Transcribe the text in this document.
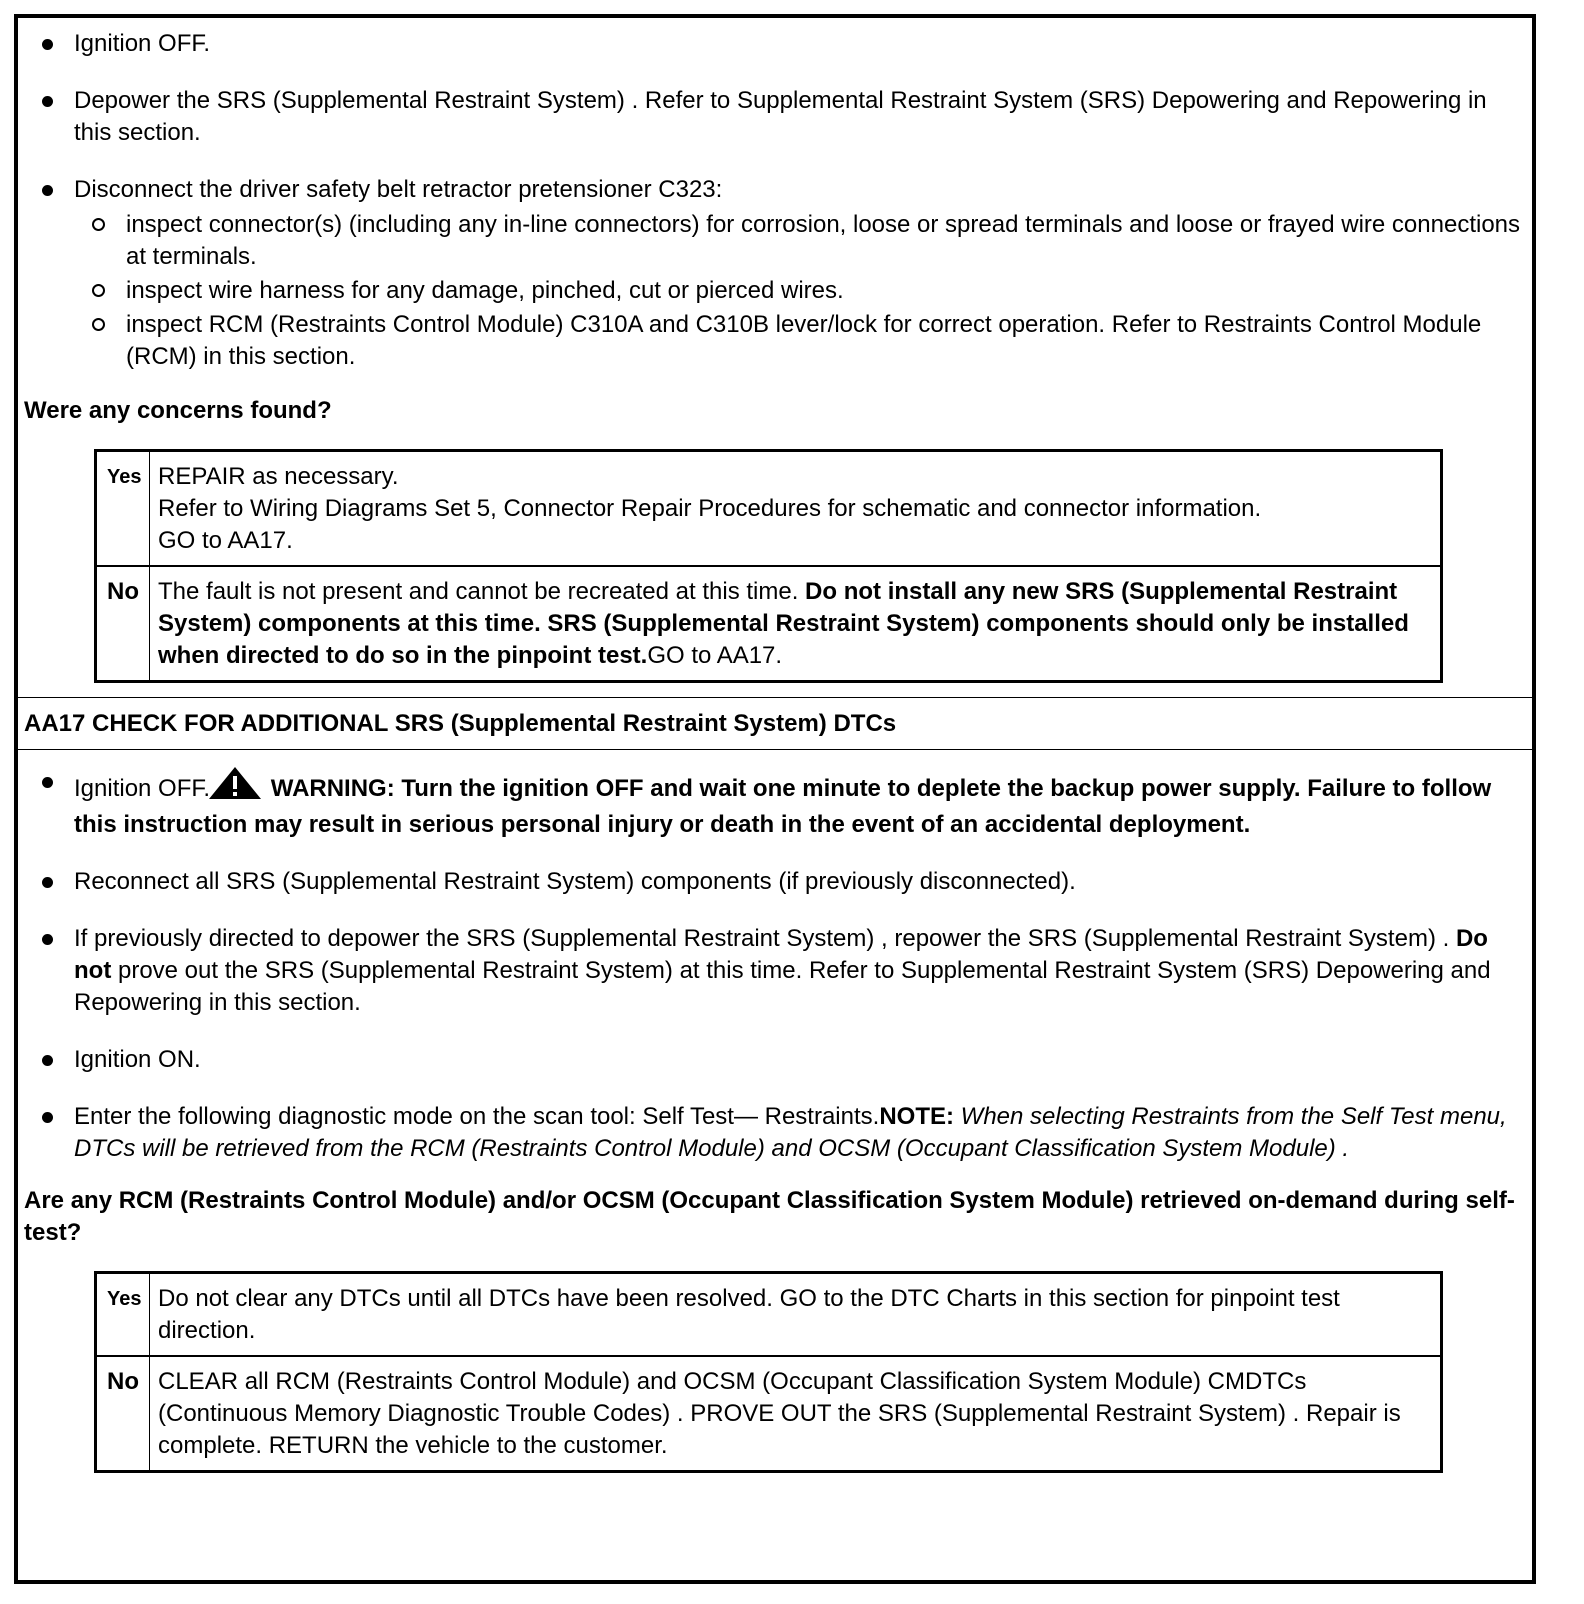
Ignition OFF.
Depower the SRS (Supplemental Restraint System) . Refer to Supplemental Restraint System (SRS) Depowering and Repowering in this section.
Disconnect the driver safety belt retractor pretensioner C323:
inspect connector(s) (including any in-line connectors) for corrosion, loose or spread terminals and loose or frayed wire connections at terminals.
inspect wire harness for any damage, pinched, cut or pierced wires.
inspect RCM (Restraints Control Module) C310A and C310B lever/lock for correct operation. Refer to Restraints Control Module (RCM) in this section.
Were any concerns found?
Yes	REPAIR as necessary.
Refer to Wiring Diagrams Set 5, Connector Repair Procedures for schematic and connector information.
GO to AA17.

No	The fault is not present and cannot be recreated at this time. Do not install any new SRS (Supplemental Restraint System) components at this time. SRS (Supplemental Restraint System) components should only be installed when directed to do so in the pinpoint test.GO to AA17.
AA17 CHECK FOR ADDITIONAL SRS (Supplemental Restraint System) DTCs
Ignition OFF.	WARNING: Turn the ignition OFF and wait one minute to deplete the backup power supply. Failure to follow this instruction may result in serious personal injury or death in the event of an accidental deployment.
Reconnect all SRS (Supplemental Restraint System) components (if previously disconnected).
If previously directed to depower the SRS (Supplemental Restraint System) , repower the SRS (Supplemental Restraint System) . Do not prove out the SRS (Supplemental Restraint System) at this time. Refer to Supplemental Restraint System (SRS) Depowering and Repowering in this section.
Ignition ON.
Enter the following diagnostic mode on the scan tool: Self Test— Restraints.NOTE: When selecting Restraints from the Self Test menu, DTCs will be retrieved from the RCM (Restraints Control Module) and OCSM (Occupant Classification System Module) .
Are any RCM (Restraints Control Module) and/or OCSM (Occupant Classification System Module) retrieved on-demand during self-test?
Yes	Do not clear any DTCs until all DTCs have been resolved. GO to the DTC Charts in this section for pinpoint test direction.
No	CLEAR all RCM (Restraints Control Module) and OCSM (Occupant Classification System Module) CMDTCs (Continuous Memory Diagnostic Trouble Codes) . PROVE OUT the SRS (Supplemental Restraint System) . Repair is complete. RETURN the vehicle to the customer.
